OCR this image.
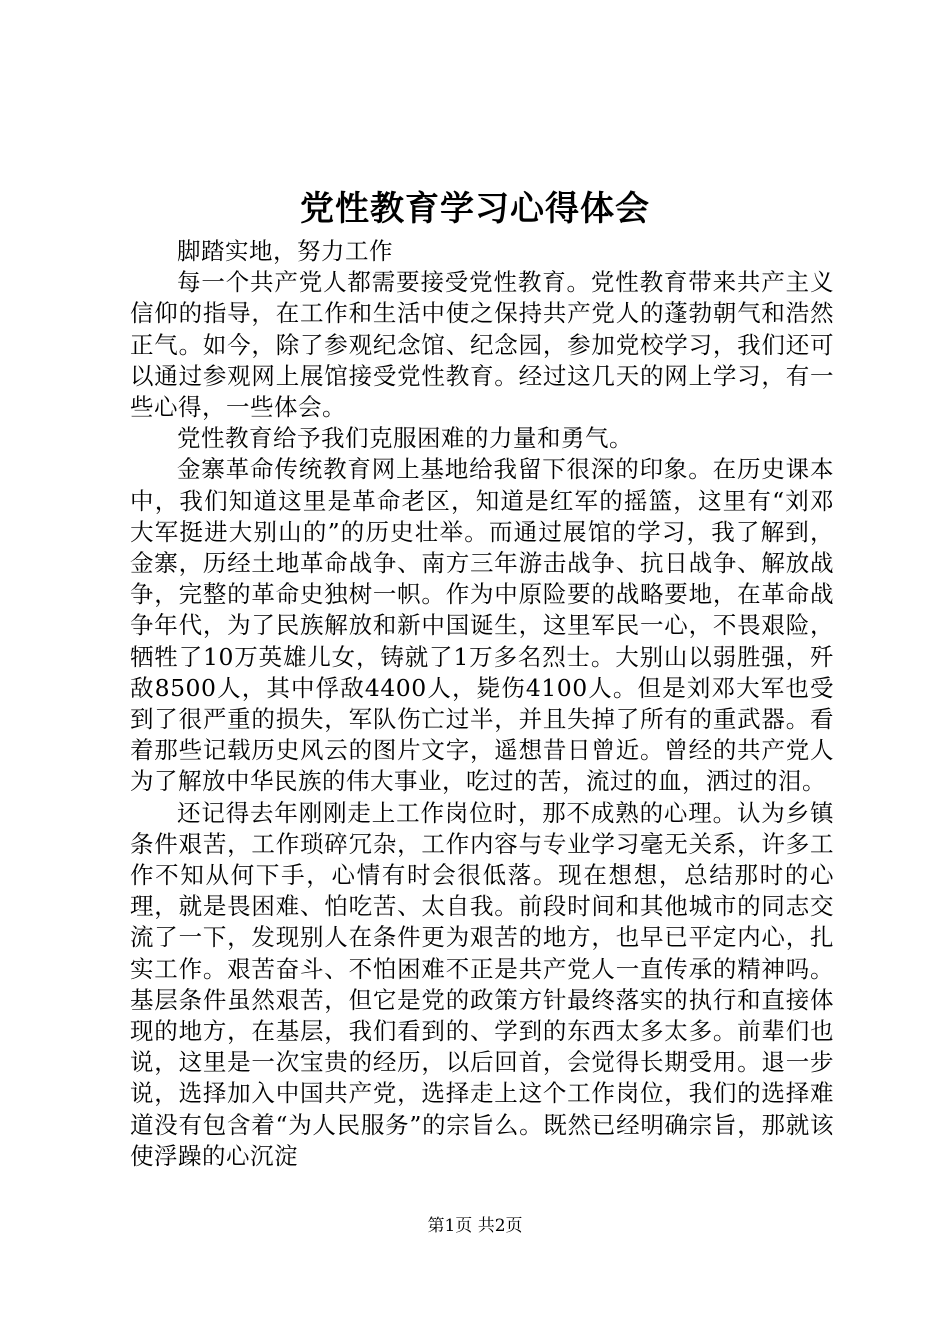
党性教育学习心得体会

脚踏实地，努力工作

每一个共产党人都需要接受党性教育。党性教育带来共产主义信仰的指导，在工作和生活中使之保持共产党人的蓬勃朝气和浩然正气。如今，除了参观纪念馆、纪念园，参加党校学习，我们还可以通过参观网上展馆接受党性教育。经过这几天的网上学习，有一些心得，一些体会。

党性教育给予我们克服困难的力量和勇气。

金寨革命传统教育网上基地给我留下很深的印象。在历史课本中，我们知道这里是革命老区，知道是红军的摇篮，这里有“刘邓大军挺进大别山的”的历史壮举。而通过展馆的学习，我了解到，金寨，历经土地革命战争、南方三年游击战争、抗日战争、解放战争，完整的革命史独树一帜。作为中原险要的战略要地，在革命战争年代，为了民族解放和新中国诞生，这里军民一心，不畏艰险，牺牲了10万英雄儿女，铸就了1万多名烈士。大别山以弱胜强，歼敌8500人，其中俘敌4400人，毙伤4100人。但是刘邓大军也受到了很严重的损失，军队伤亡过半，并且失掉了所有的重武器。看着那些记载历史风云的图片文字，遥想昔日曾近。曾经的共产党人为了解放中华民族的伟大事业，吃过的苦，流过的血，洒过的泪。

还记得去年刚刚走上工作岗位时，那不成熟的心理。认为乡镇条件艰苦，工作琐碎冗杂，工作内容与专业学习毫无关系，许多工作不知从何下手，心情有时会很低落。现在想想，总结那时的心理，就是畏困难、怕吃苦、太自我。前段时间和其他城市的同志交流了一下，发现别人在条件更为艰苦的地方，也早已平定内心，扎实工作。艰苦奋斗、不怕困难不正是共产党人一直传承的精神吗。基层条件虽然艰苦，但它是党的政策方针最终落实的执行和直接体现的地方，在基层，我们看到的、学到的东西太多太多。前辈们也说，这里是一次宝贵的经历，以后回首，会觉得长期受用。退一步说，选择加入中国共产党，选择走上这个工作岗位，我们的选择难道没有包含着“为人民服务”的宗旨么。既然已经明确宗旨，那就该使浮躁的心沉淀

第1页 共2页
